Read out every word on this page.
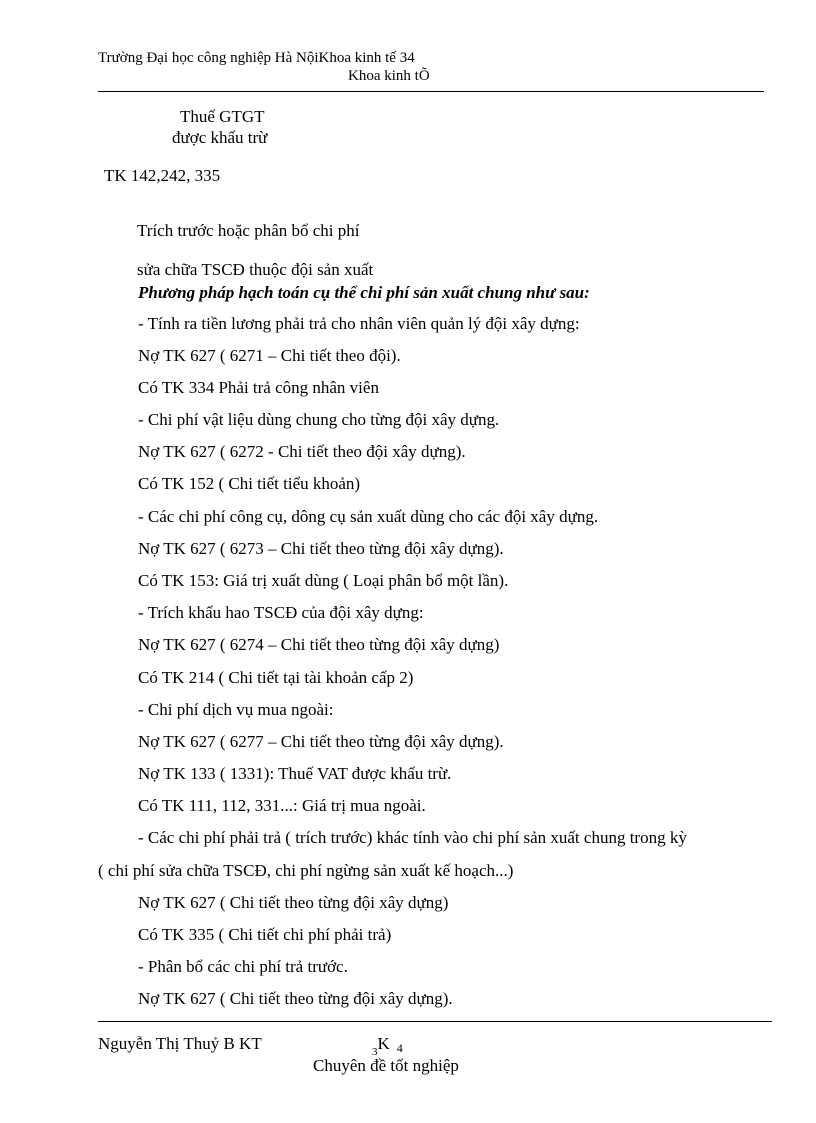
Trường Đại học công nghiệp Hà NộiKhoa kinh tế 34
Khoa kinh tÕ
Thuế GTGT
được khấu trừ
TK 142,242, 335
Trích trước hoặc phân bổ chi phí
sửa chữa TSCĐ thuộc đội sản xuất
Phương pháp hạch toán cụ thể chi phí sản xuất chung như sau:
- Tính ra tiền lương phải trả cho nhân viên quản lý đội xây dựng:
Nợ TK 627 ( 6271 – Chi tiết theo đội).
Có TK 334 Phải trả công nhân viên
- Chi phí vật liệu dùng chung cho từng đội xây dựng.
Nợ TK 627 ( 6272 - Chi tiết theo đội xây dựng).
Có TK 152 ( Chi tiết tiểu khoản)
- Các chi phí công cụ, dông cụ sản xuất dùng cho các đội xây dựng.
Nợ TK 627 ( 6273 – Chi tiết theo từng đội xây dựng).
Có TK 153: Giá trị xuất dùng ( Loại phân bổ một lần).
- Trích khấu hao TSCĐ của đội xây dựng:
Nợ TK 627 ( 6274 – Chi tiết theo từng đội xây dựng)
Có TK 214 ( Chi tiết tại tài khoản cấp 2)
- Chi phí dịch vụ mua ngoài:
Nợ TK 627 ( 6277 – Chi tiết theo từng đội xây dựng).
Nợ TK 133 ( 1331): Thuế VAT được khấu trừ.
Có TK 111, 112, 331...: Giá trị mua ngoài.
- Các chi phí phải trả ( trích trước) khác tính vào chi phí sản xuất chung trong kỳ
( chi phí sửa chữa TSCĐ, chi phí ngừng sản xuất kế hoạch...)
Nợ TK 627 ( Chi tiết theo từng đội xây dựng)
Có TK 335 ( Chi tiết chi phí phải trả)
- Phân bổ các chi phí trả trước.
Nợ TK 627 ( Chi tiết theo từng đội xây dựng).
Nguyễn Thị Thuỷ B KT	$_3$K 4
Chuyên đề tốt nghiệp
